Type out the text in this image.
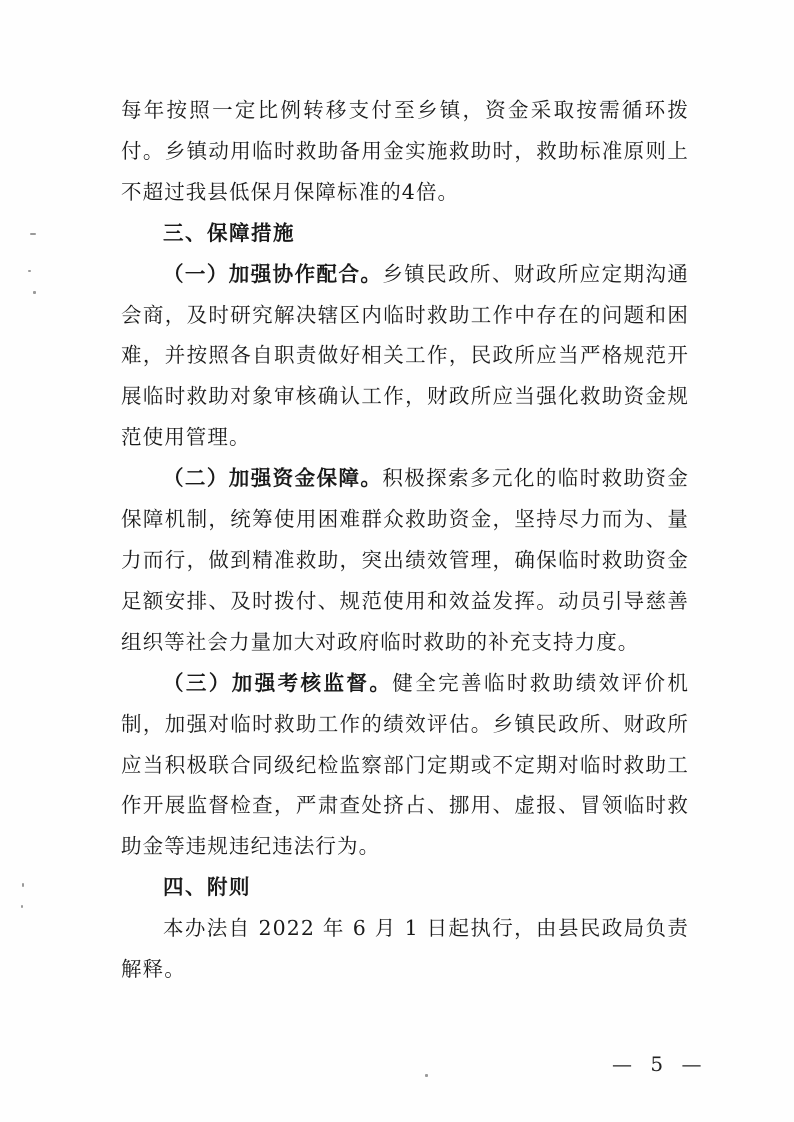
每年按照一定比例转移支付至乡镇，资金采取按需循环拨付。乡镇动用临时救助备用金实施救助时，救助标准原则上不超过我县低保月保障标准的4倍。

三、保障措施

（一）加强协作配合。乡镇民政所、财政所应定期沟通会商，及时研究解决辖区内临时救助工作中存在的问题和困难，并按照各自职责做好相关工作，民政所应当严格规范开展临时救助对象审核确认工作，财政所应当强化救助资金规范使用管理。

（二）加强资金保障。积极探索多元化的临时救助资金保障机制，统筹使用困难群众救助资金，坚持尽力而为、量力而行，做到精准救助，突出绩效管理，确保临时救助资金足额安排、及时拨付、规范使用和效益发挥。动员引导慈善组织等社会力量加大对政府临时救助的补充支持力度。

（三）加强考核监督。健全完善临时救助绩效评价机制，加强对临时救助工作的绩效评估。乡镇民政所、财政所应当积极联合同级纪检监察部门定期或不定期对临时救助工作开展监督检查，严肃查处挤占、挪用、虚报、冒领临时救助金等违规违纪违法行为。

四、附则

本办法自 2022 年 6 月 1 日起执行，由县民政局负责解释。

— 5 —
